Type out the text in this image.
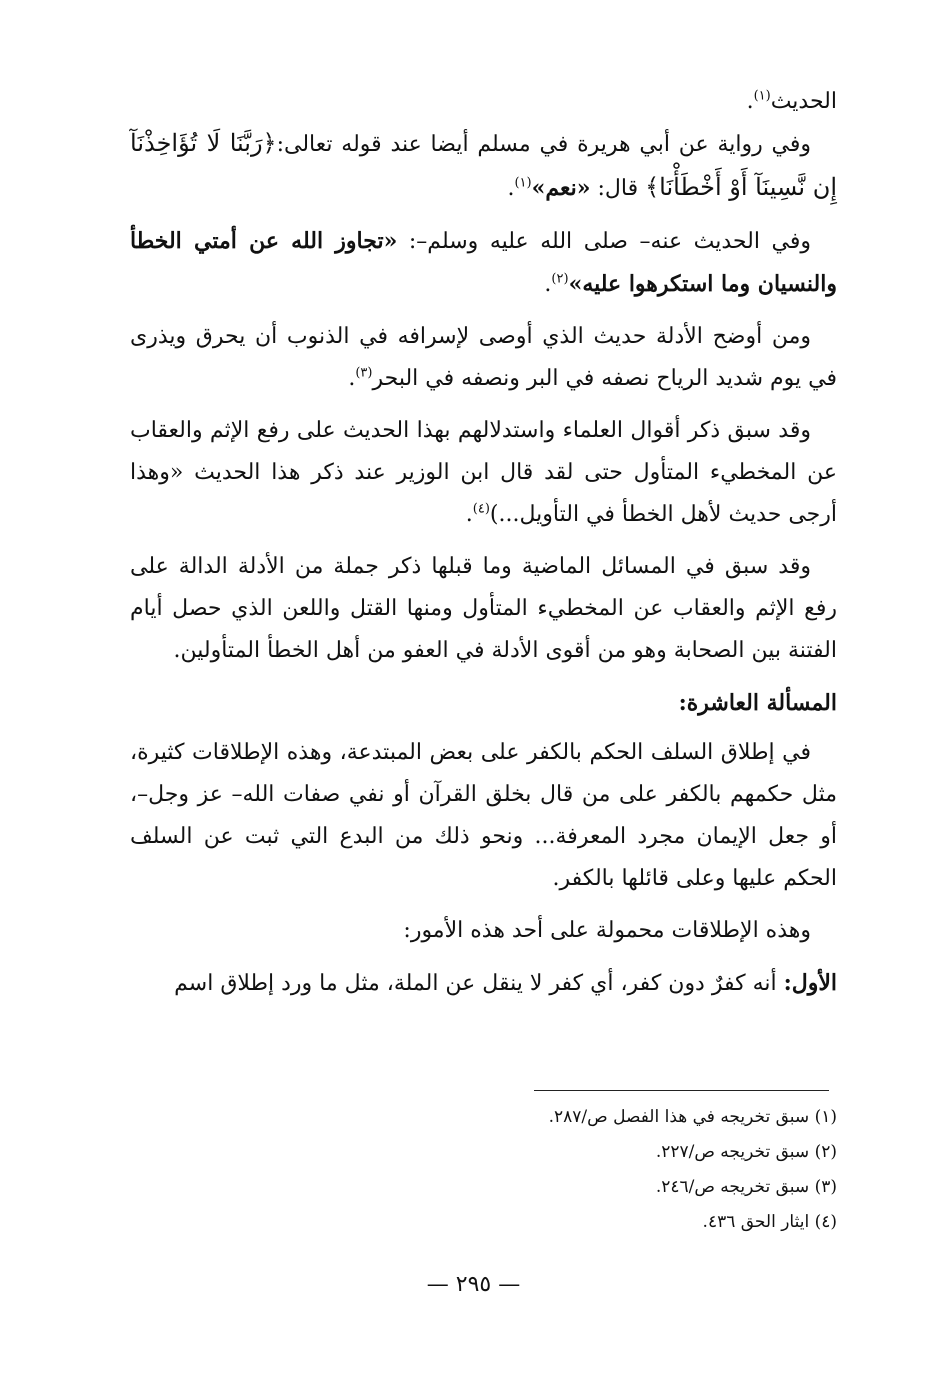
الحديث$^{(١)}$.

وفي رواية عن أبي هريرة في مسلم أيضا عند قوله تعالى:﴿رَبَّنَا لَا تُؤَاخِذْنَآ إِن نَّسِينَآ أَوْ أَخْطَأْنَا﴾ قال: «نعم»$^{(١)}$.

وفي الحديث عنه– صلى الله عليه وسلم–: «تجاوز الله عن أمتي الخطأ والنسيان وما استكرهوا عليه»$^{(٢)}$.

ومن أوضح الأدلة حديث الذي أوصى لإسرافه في الذنوب أن يحرق ويذرى في يوم شديد الرياح نصفه في البر ونصفه في البحر$^{(٣)}$.

وقد سبق ذكر أقوال العلماء واستدلالهم بهذا الحديث على رفع الإثم والعقاب عن المخطيء المتأول حتى لقد قال ابن الوزير عند ذكر هذا الحديث «وهذا أرجى حديث لأهل الخطأ في التأويل...)$^{(٤)}$.

وقد سبق في المسائل الماضية وما قبلها ذكر جملة من الأدلة الدالة على رفع الإثم والعقاب عن المخطيء المتأول ومنها القتل واللعن الذي حصل أيام الفتنة بين الصحابة وهو من أقوى الأدلة في العفو من أهل الخطأ المتأولين.

المسألة العاشرة:

في إطلاق السلف الحكم بالكفر على بعض المبتدعة، وهذه الإطلاقات كثيرة، مثل حكمهم بالكفر على من قال بخلق القرآن أو نفي صفات الله– عز وجل–، أو جعل الإيمان مجرد المعرفة... ونحو ذلك من البدع التي ثبت عن السلف الحكم عليها وعلى قائلها بالكفر.

وهذه الإطلاقات محمولة على أحد هذه الأمور:

الأول: أنه كفرٌ دون كفر، أي كفر لا ينقل عن الملة، مثل ما ورد إطلاق اسم

(١) سبق تخريجه في هذا الفصل ص/٢٨٧.

(٢) سبق تخريجه ص/٢٢٧.

(٣) سبق تخريجه ص/٢٤٦.

(٤) ايثار الحق ٤٣٦.

— ٢٩٥ —
